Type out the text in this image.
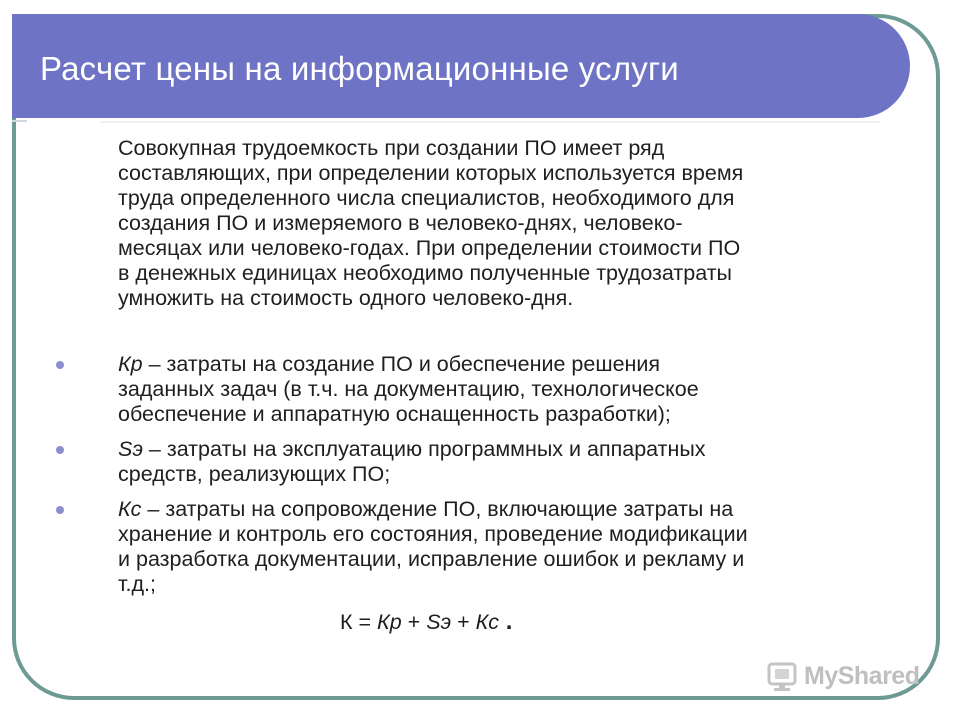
Расчет цены на информационные услуги
Совокупная трудоемкость при создании ПО имеет ряд
составляющих, при определении которых используется время
труда определенного числа специалистов, необходимого для
создания ПО и измеряемого в человеко-днях, человеко-
месяцах или человеко-годах. При определении стоимости ПО
в денежных единицах необходимо полученные трудозатраты
умножить на стоимость одного человеко-дня.
Кр – затраты на создание ПО и обеспечение решения
заданных задач (в т.ч. на документацию, технологическое
обеспечение и аппаратную оснащенность разработки);
Sэ – затраты на эксплуатацию программных и аппаратных
средств, реализующих ПО;
Кс – затраты на сопровождение ПО, включающие затраты на
хранение и контроль его состояния, проведение модификации
и разработка документации, исправление ошибок и рекламу и
т.д.;
К = Кр + Sэ + Кс .
MyShared
